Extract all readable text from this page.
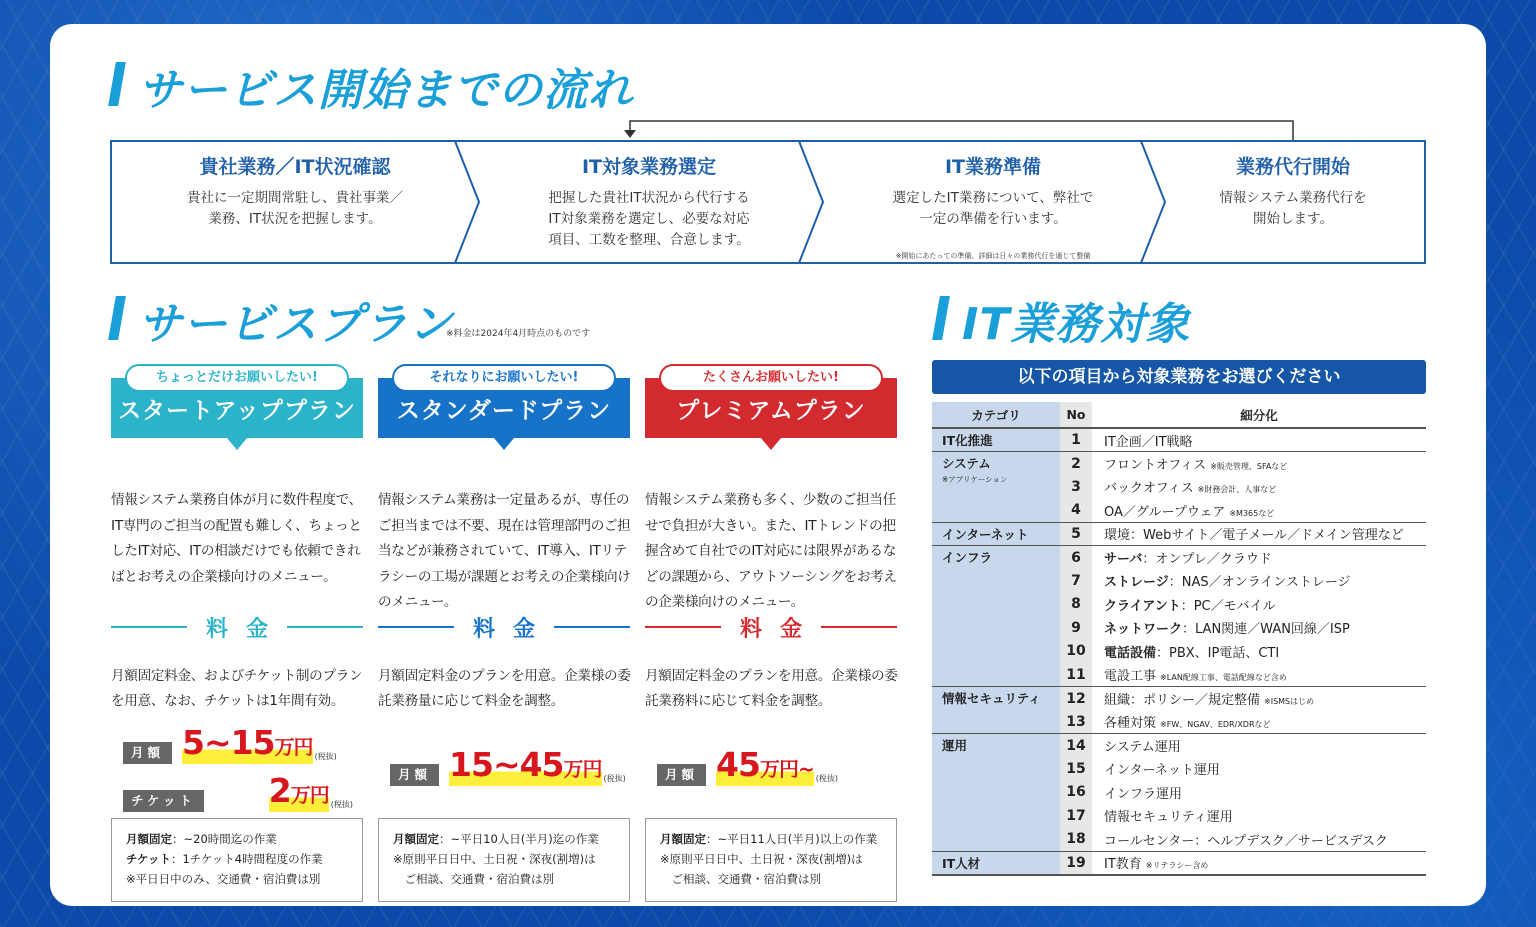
サービス開始までの流れ
貴社業務／IT状況確認
貴社に一定期間常駐し、貴社事業／
業務、IT状況を把握します。
IT対象業務選定
把握した貴社IT状況から代行する
IT対象業務を選定し、必要な対応
項目、工数を整理、合意します。
IT業務準備
選定したIT業務について、弊社で
一定の準備を行います。
※開始にあたっての準備、詳細は日々の業務代行を通じて整備
業務代行開始
情報システム業務代行を
開始します。
サービスプラン
※料金は2024年4月時点のものです
スタートアッププラン
ちょっとだけお願いしたい!
情報システム業務自体が月に数件程度で、IT専門のご担当の配置も難しく、ちょっとしたIT対応、ITの相談だけでも依頼できればとお考えの企業様向けのメニュー。
料金
月額固定料金、およびチケット制のプランを用意、なお、チケットは1年間有効。
月額 5~15万円 (税抜)
チケット 2万円 (税抜)
月額固定：~20時間迄の作業
チケット：1チケット4時間程度の作業
※平日日中のみ、交通費・宿泊費は別
スタンダードプラン
それなりにお願いしたい!
情報システム業務は一定量あるが、専任のご担当までは不要、現在は管理部門のご担当などが兼務されていて、IT導入、ITリテラシーの工場が課題とお考えの企業様向けのメニュー。
料金
月額固定料金のプランを用意。企業様の委託業務量に応じて料金を調整。
月額 15~45万円 (税抜)
月額固定：~平日10人日(半月)迄の作業
※原則平日日中、土日祝・深夜(割増)は
　ご相談、交通費・宿泊費は別
プレミアムプラン
たくさんお願いしたい!
情報システム業務も多く、少数のご担当任せで負担が大きい。また、ITトレンドの把握含めて自社でのIT対応には限界があるなどの課題から、アウトソーシングをお考えの企業様向けのメニュー。
料金
月額固定料金のプランを用意。企業様の委託業務料に応じて料金を調整。
月額 45万円~ (税抜)
月額固定：~平日11人日(半月)以上の作業
※原則平日日中、土日祝・深夜(割増)は
　ご相談、交通費・宿泊費は別
IT業務対象
以下の項目から対象業務をお選びください
カテゴリ	No	細分化
IT化推進	1	IT企画／IT戦略
システム
※アプリケーション	2	フロントオフィス ※販売管理、SFAなど
	3	バックオフィス ※財務会計、人事など
	4	OA／グループウェア ※M365など
インターネット	5	環境：Webサイト／電子メール／ドメイン管理など
インフラ	6	サーバ：オンプレ／クラウド
	7	ストレージ：NAS／オンラインストレージ
	8	クライアント：PC／モバイル
	9	ネットワーク：LAN関連／WAN回線／ISP
	10	電話設備：PBX、IP電話、CTI
	11	電設工事 ※LAN配線工事、電話配線など含め
情報セキュリティ	12	組織：ポリシー／規定整備 ※ISMSはじめ
	13	各種対策 ※FW、NGAV、EDR/XDRなど
運用	14	システム運用
	15	インターネット運用
	16	インフラ運用
	17	情報セキュリティ運用
	18	コールセンター：ヘルプデスク／サービスデスク
IT人材	19	IT教育 ※リテラシー含め
